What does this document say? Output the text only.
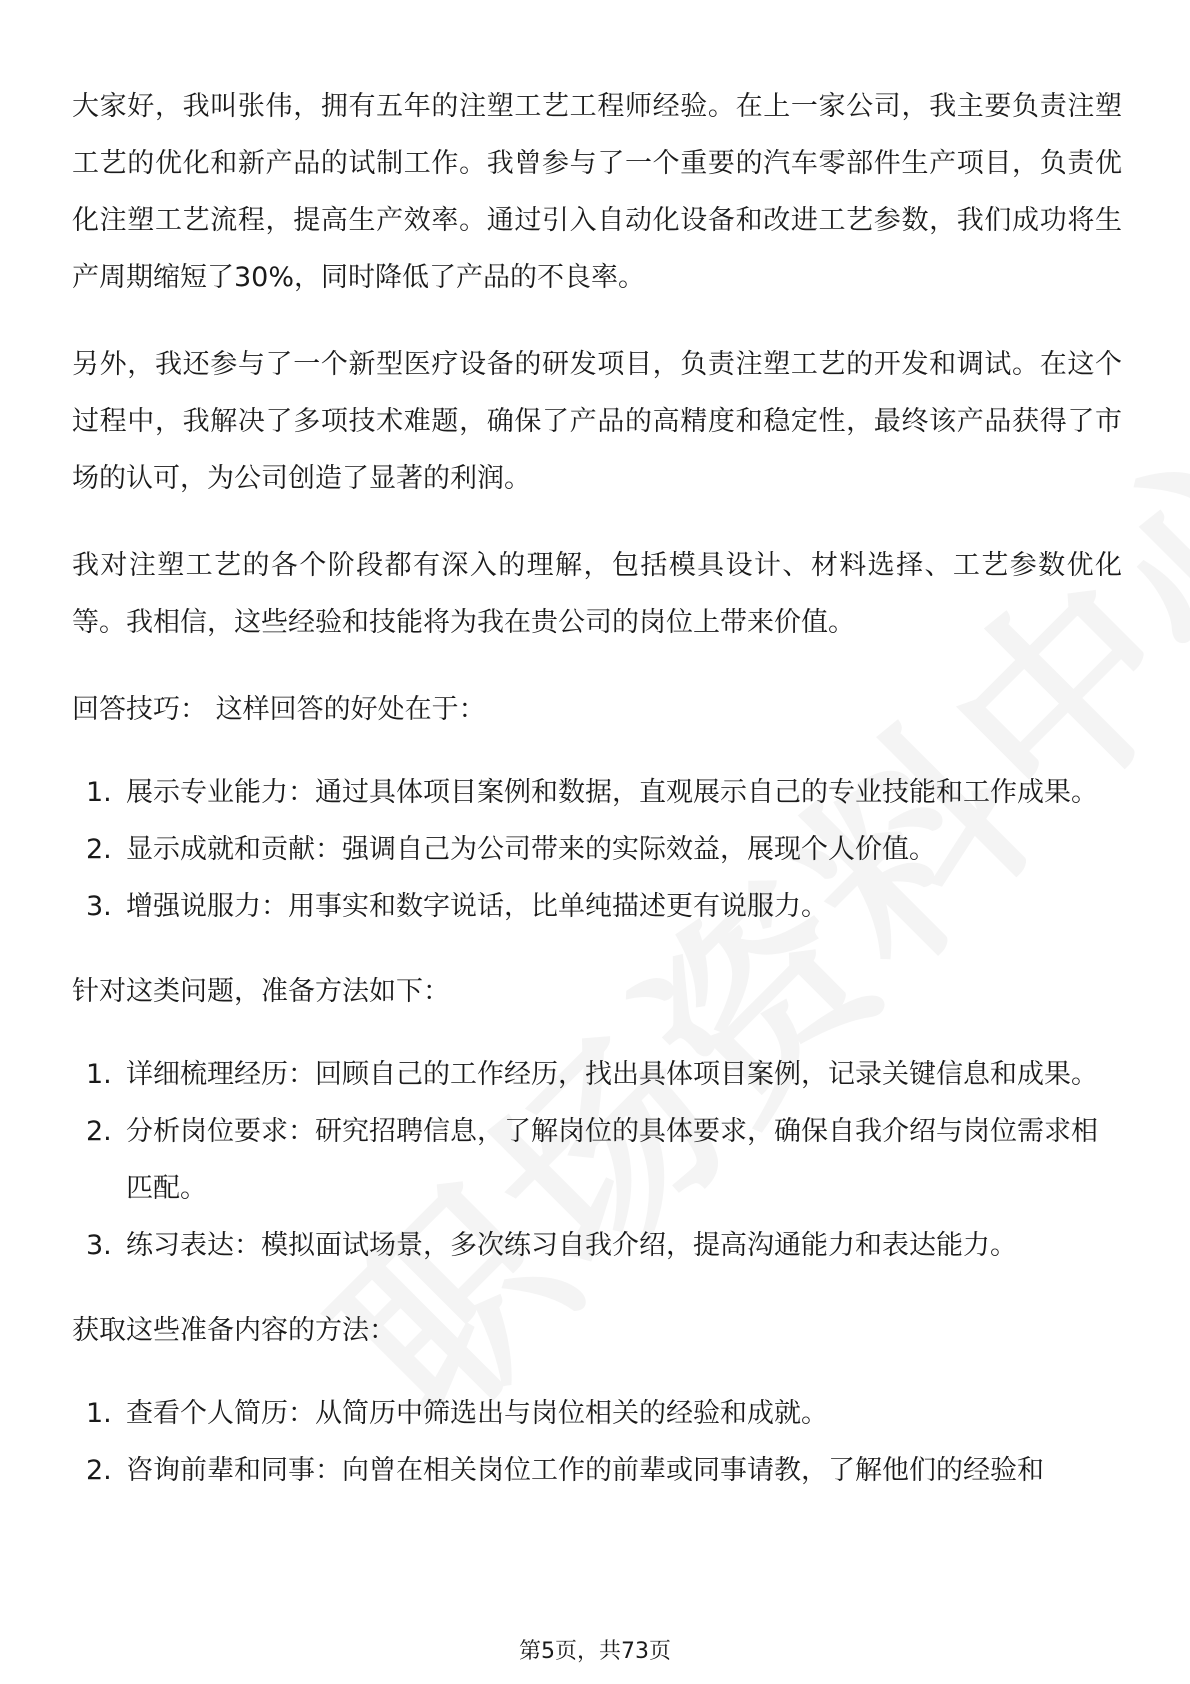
大家好，我叫张伟，拥有五年的注塑工艺工程师经验。在上一家公司，我主要负责注塑工艺的优化和新产品的试制工作。我曾参与了一个重要的汽车零部件生产项目，负责优化注塑工艺流程，提高生产效率。通过引入自动化设备和改进工艺参数，我们成功将生产周期缩短了30%，同时降低了产品的不良率。

另外，我还参与了一个新型医疗设备的研发项目，负责注塑工艺的开发和调试。在这个过程中，我解决了多项技术难题，确保了产品的高精度和稳定性，最终该产品获得了市场的认可，为公司创造了显著的利润。

我对注塑工艺的各个阶段都有深入的理解，包括模具设计、材料选择、工艺参数优化等。我相信，这些经验和技能将为我在贵公司的岗位上带来价值。

回答技巧： 这样回答的好处在于：

1. 展示专业能力：通过具体项目案例和数据，直观展示自己的专业技能和工作成果。
2. 显示成就和贡献：强调自己为公司带来的实际效益，展现个人价值。
3. 增强说服力：用事实和数字说话，比单纯描述更有说服力。

针对这类问题，准备方法如下：

1. 详细梳理经历：回顾自己的工作经历，找出具体项目案例，记录关键信息和成果。
2. 分析岗位要求：研究招聘信息，了解岗位的具体要求，确保自我介绍与岗位需求相匹配。
3. 练习表达：模拟面试场景，多次练习自我介绍，提高沟通能力和表达能力。

获取这些准备内容的方法：

1. 查看个人简历：从简历中筛选出与岗位相关的经验和成就。
2. 咨询前辈和同事：向曾在相关岗位工作的前辈或同事请教，了解他们的经验和
第5页，共73页
